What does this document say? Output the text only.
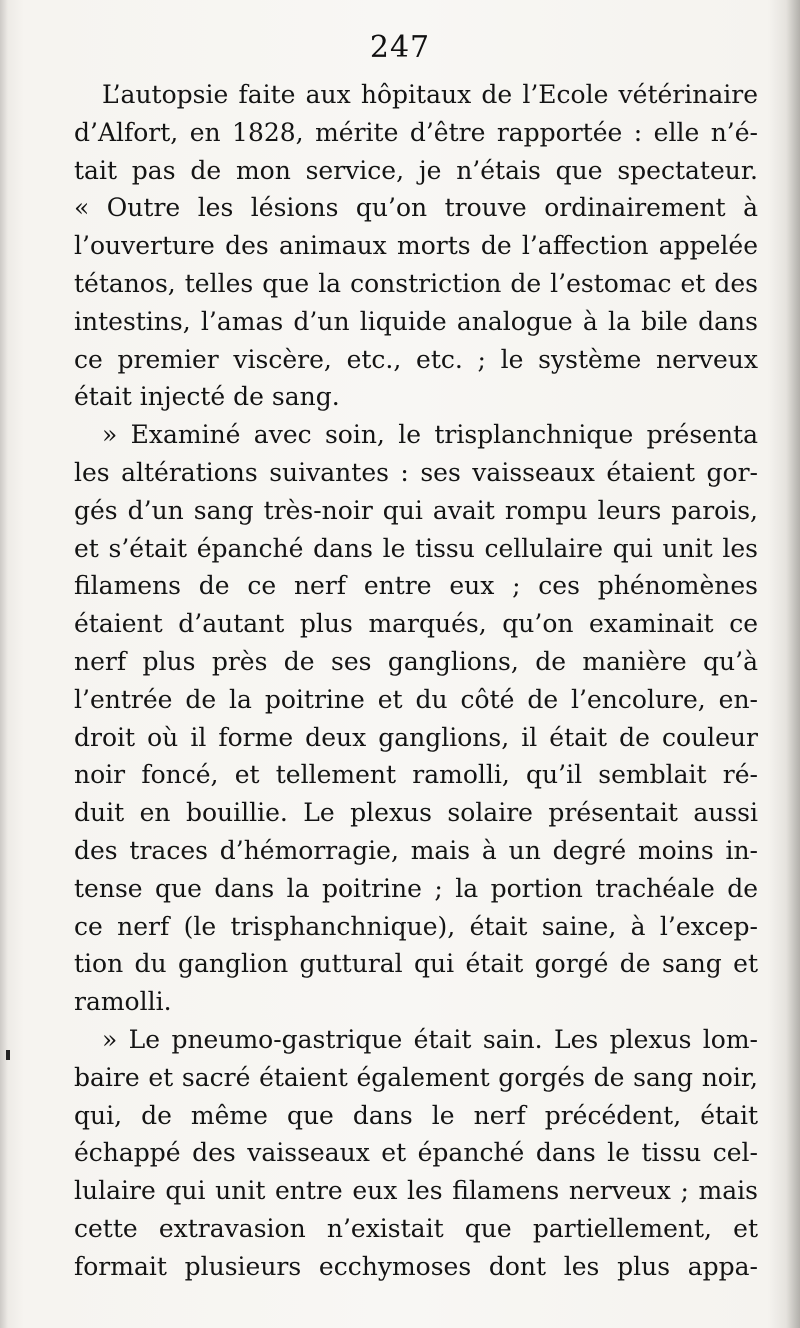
247
L’autopsie faite aux hôpitaux de l’Ecole vétérinaire
d’Alfort, en 1828, mérite d’être rapportée : elle n’é-
tait pas de mon service, je n’étais que spectateur.
« Outre les lésions qu’on trouve ordinairement à
l’ouverture des animaux morts de l’affection appelée
tétanos, telles que la constriction de l’estomac et des
intestins, l’amas d’un liquide analogue à la bile dans
ce premier viscère, etc., etc. ; le système nerveux
était injecté de sang.
» Examiné avec soin, le trisplanchnique présenta
les altérations suivantes : ses vaisseaux étaient gor-
gés d’un sang très-noir qui avait rompu leurs parois,
et s’était épanché dans le tissu cellulaire qui unit les
filamens de ce nerf entre eux ; ces phénomènes
étaient d’autant plus marqués, qu’on examinait ce
nerf plus près de ses ganglions, de manière qu’à
l’entrée de la poitrine et du côté de l’encolure, en-
droit où il forme deux ganglions, il était de couleur
noir foncé, et tellement ramolli, qu’il semblait ré-
duit en bouillie. Le plexus solaire présentait aussi
des traces d’hémorragie, mais à un degré moins in-
tense que dans la poitrine ; la portion trachéale de
ce nerf (le trisphanchnique), était saine, à l’excep-
tion du ganglion guttural qui était gorgé de sang et
ramolli.
» Le pneumo-gastrique était sain. Les plexus lom-
baire et sacré étaient également gorgés de sang noir,
qui, de même que dans le nerf précédent, était
échappé des vaisseaux et épanché dans le tissu cel-
lulaire qui unit entre eux les filamens nerveux ; mais
cette extravasion n’existait que partiellement, et
formait plusieurs ecchymoses dont les plus appa-
